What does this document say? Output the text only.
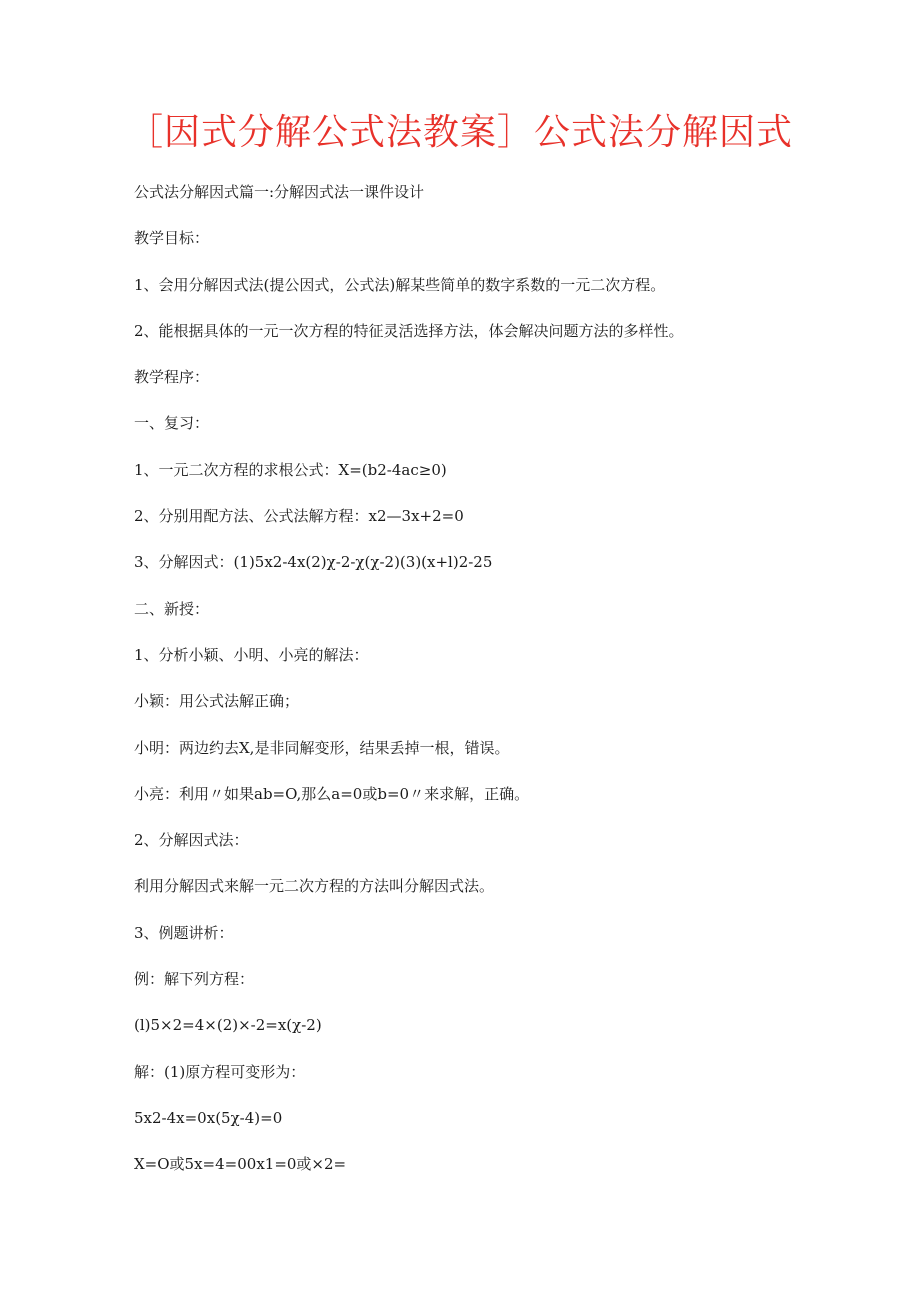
［因式分解公式法教案］公式法分解因式
公式法分解因式篇一:分解因式法一课件设计
教学目标：
1、会用分解因式法(提公因式，公式法)解某些简单的数字系数的一元二次方程。
2、能根据具体的一元一次方程的特征灵活选择方法，体会解决问题方法的多样性。
教学程序：
一、复习：
1、一元二次方程的求根公式：X=(b2-4ac≥0)
2、分别用配方法、公式法解方程：x2—3x+2=0
3、分解因式：(1)5x2-4x(2)χ-2-χ(χ-2)(3)(x+l)2-25
二、新授：
1、分析小颖、小明、小亮的解法：
小颖：用公式法解正确；
小明：两边约去X,是非同解变形，结果丢掉一根，错误。
小亮：利用〃如果ab=O,那么a=0或b=0〃来求解，正确。
2、分解因式法：
利用分解因式来解一元二次方程的方法叫分解因式法。
3、例题讲析：
例：解下列方程：
(l)5×2=4×(2)×-2=x(χ-2)
解：(1)原方程可变形为：
5x2-4x=0x(5χ-4)=0
X=O或5x=4=00x1=0或×2=
